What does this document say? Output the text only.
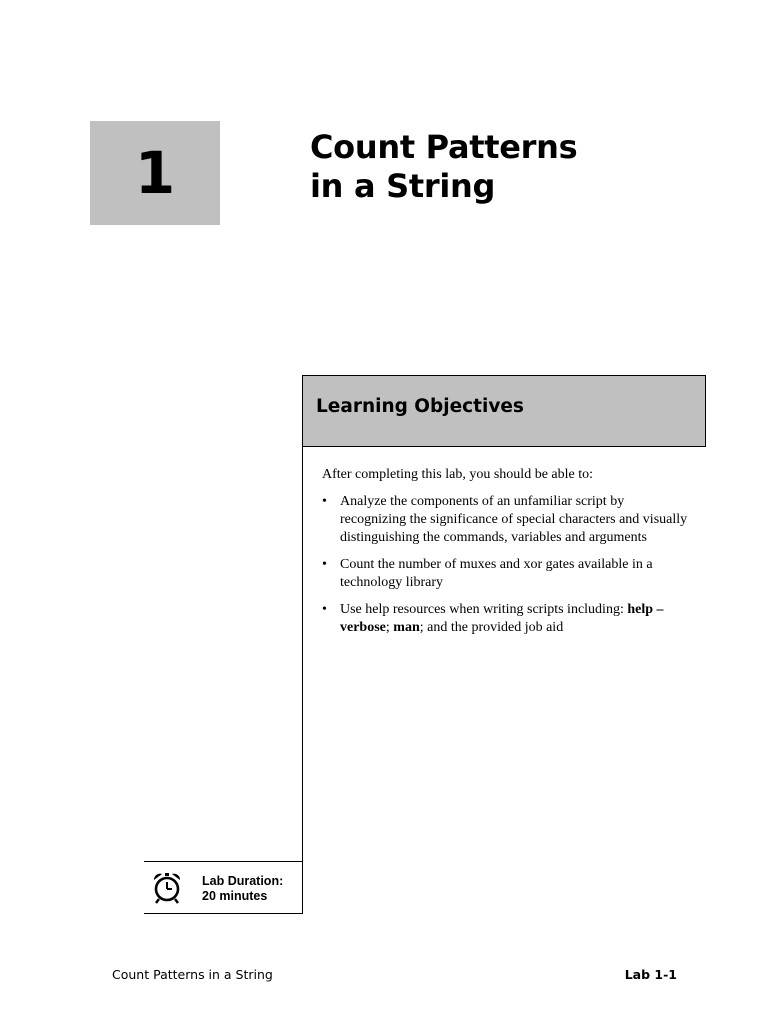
1	Count Patterns
in a String
Learning Objectives

After completing this lab, you should be able to:

• Analyze the components of an unfamiliar script by recognizing the significance of special characters and visually distinguishing the commands, variables and arguments
• Count the number of muxes and xor gates available in a technology library
• Use help resources when writing scripts including: help –verbose; man; and the provided job aid
Lab Duration:
20 minutes
Count Patterns in a String	Lab 1-1
